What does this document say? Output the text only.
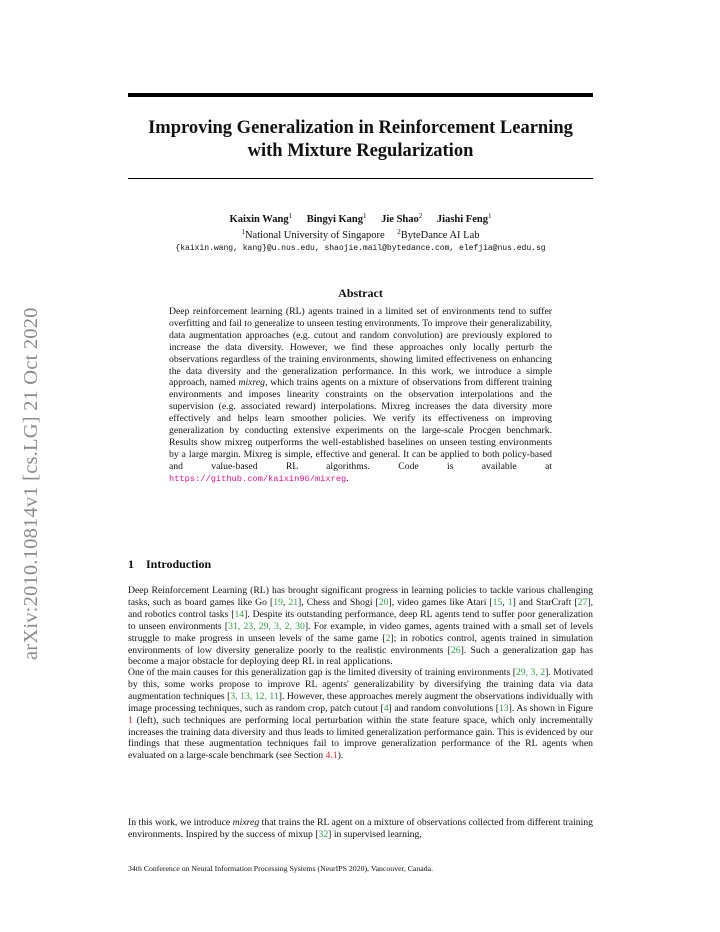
arXiv:2010.10814v1 [cs.LG] 21 Oct 2020
Improving Generalization in Reinforcement Learning
with Mixture Regularization
Kaixin Wang$^1$ Bingyi Kang$^1$ Jie Shao$^2$ Jiashi Feng$^1$
$^1$National University of Singapore $^2$ByteDance AI Lab
{kaixin.wang, kang}@u.nus.edu, shaojie.mail@bytedance.com, elefjia@nus.edu.sg
Abstract
Deep reinforcement learning (RL) agents trained in a limited set of environments tend to suffer overfitting and fail to generalize to unseen testing environments. To improve their generalizability, data augmentation approaches (e.g. cutout and random convolution) are previously explored to increase the data diversity. However, we find these approaches only locally perturb the observations regardless of the training environments, showing limited effectiveness on enhancing the data diversity and the generalization performance. In this work, we introduce a simple approach, named mixreg, which trains agents on a mixture of observations from different training environments and imposes linearity constraints on the observation interpolations and the supervision (e.g. associated reward) interpolations. Mixreg increases the data diversity more effectively and helps learn smoother policies. We verify its effectiveness on improving generalization by conducting extensive experiments on the large-scale Procgen benchmark. Results show mixreg outperforms the well-established baselines on unseen testing environments by a large margin. Mixreg is simple, effective and general. It can be applied to both policy-based and value-based RL algorithms. Code is available at https://github.com/kaixin96/mixreg.
1 Introduction
Deep Reinforcement Learning (RL) has brought significant progress in learning policies to tackle various challenging tasks, such as board games like Go [19, 21], Chess and Shogi [20], video games like Atari [15, 1] and StarCraft [27], and robotics control tasks [14]. Despite its outstanding performance, deep RL agents tend to suffer poor generalization to unseen environments [31, 23, 29, 3, 2, 30]. For example, in video games, agents trained with a small set of levels struggle to make progress in unseen levels of the same game [2]; in robotics control, agents trained in simulation environments of low diversity generalize poorly to the realistic environments [26]. Such a generalization gap has become a major obstacle for deploying deep RL in real applications.
One of the main causes for this generalization gap is the limited diversity of training environments [29, 3, 2]. Motivated by this, some works propose to improve RL agents' generalizability by diversifying the training data via data augmentation techniques [3, 13, 12, 11]. However, these approaches merely augment the observations individually with image processing techniques, such as random crop, patch cutout [4] and random convolutions [13]. As shown in Figure 1 (left), such techniques are performing local perturbation within the state feature space, which only incrementally increases the training data diversity and thus leads to limited generalization performance gain. This is evidenced by our findings that these augmentation techniques fail to improve generalization performance of the RL agents when evaluated on a large-scale benchmark (see Section 4.1).
In this work, we introduce mixreg that trains the RL agent on a mixture of observations collected from different training environments. Inspired by the success of mixup [32] in supervised learning,
34th Conference on Neural Information Processing Systems (NeurIPS 2020), Vancouver, Canada.
